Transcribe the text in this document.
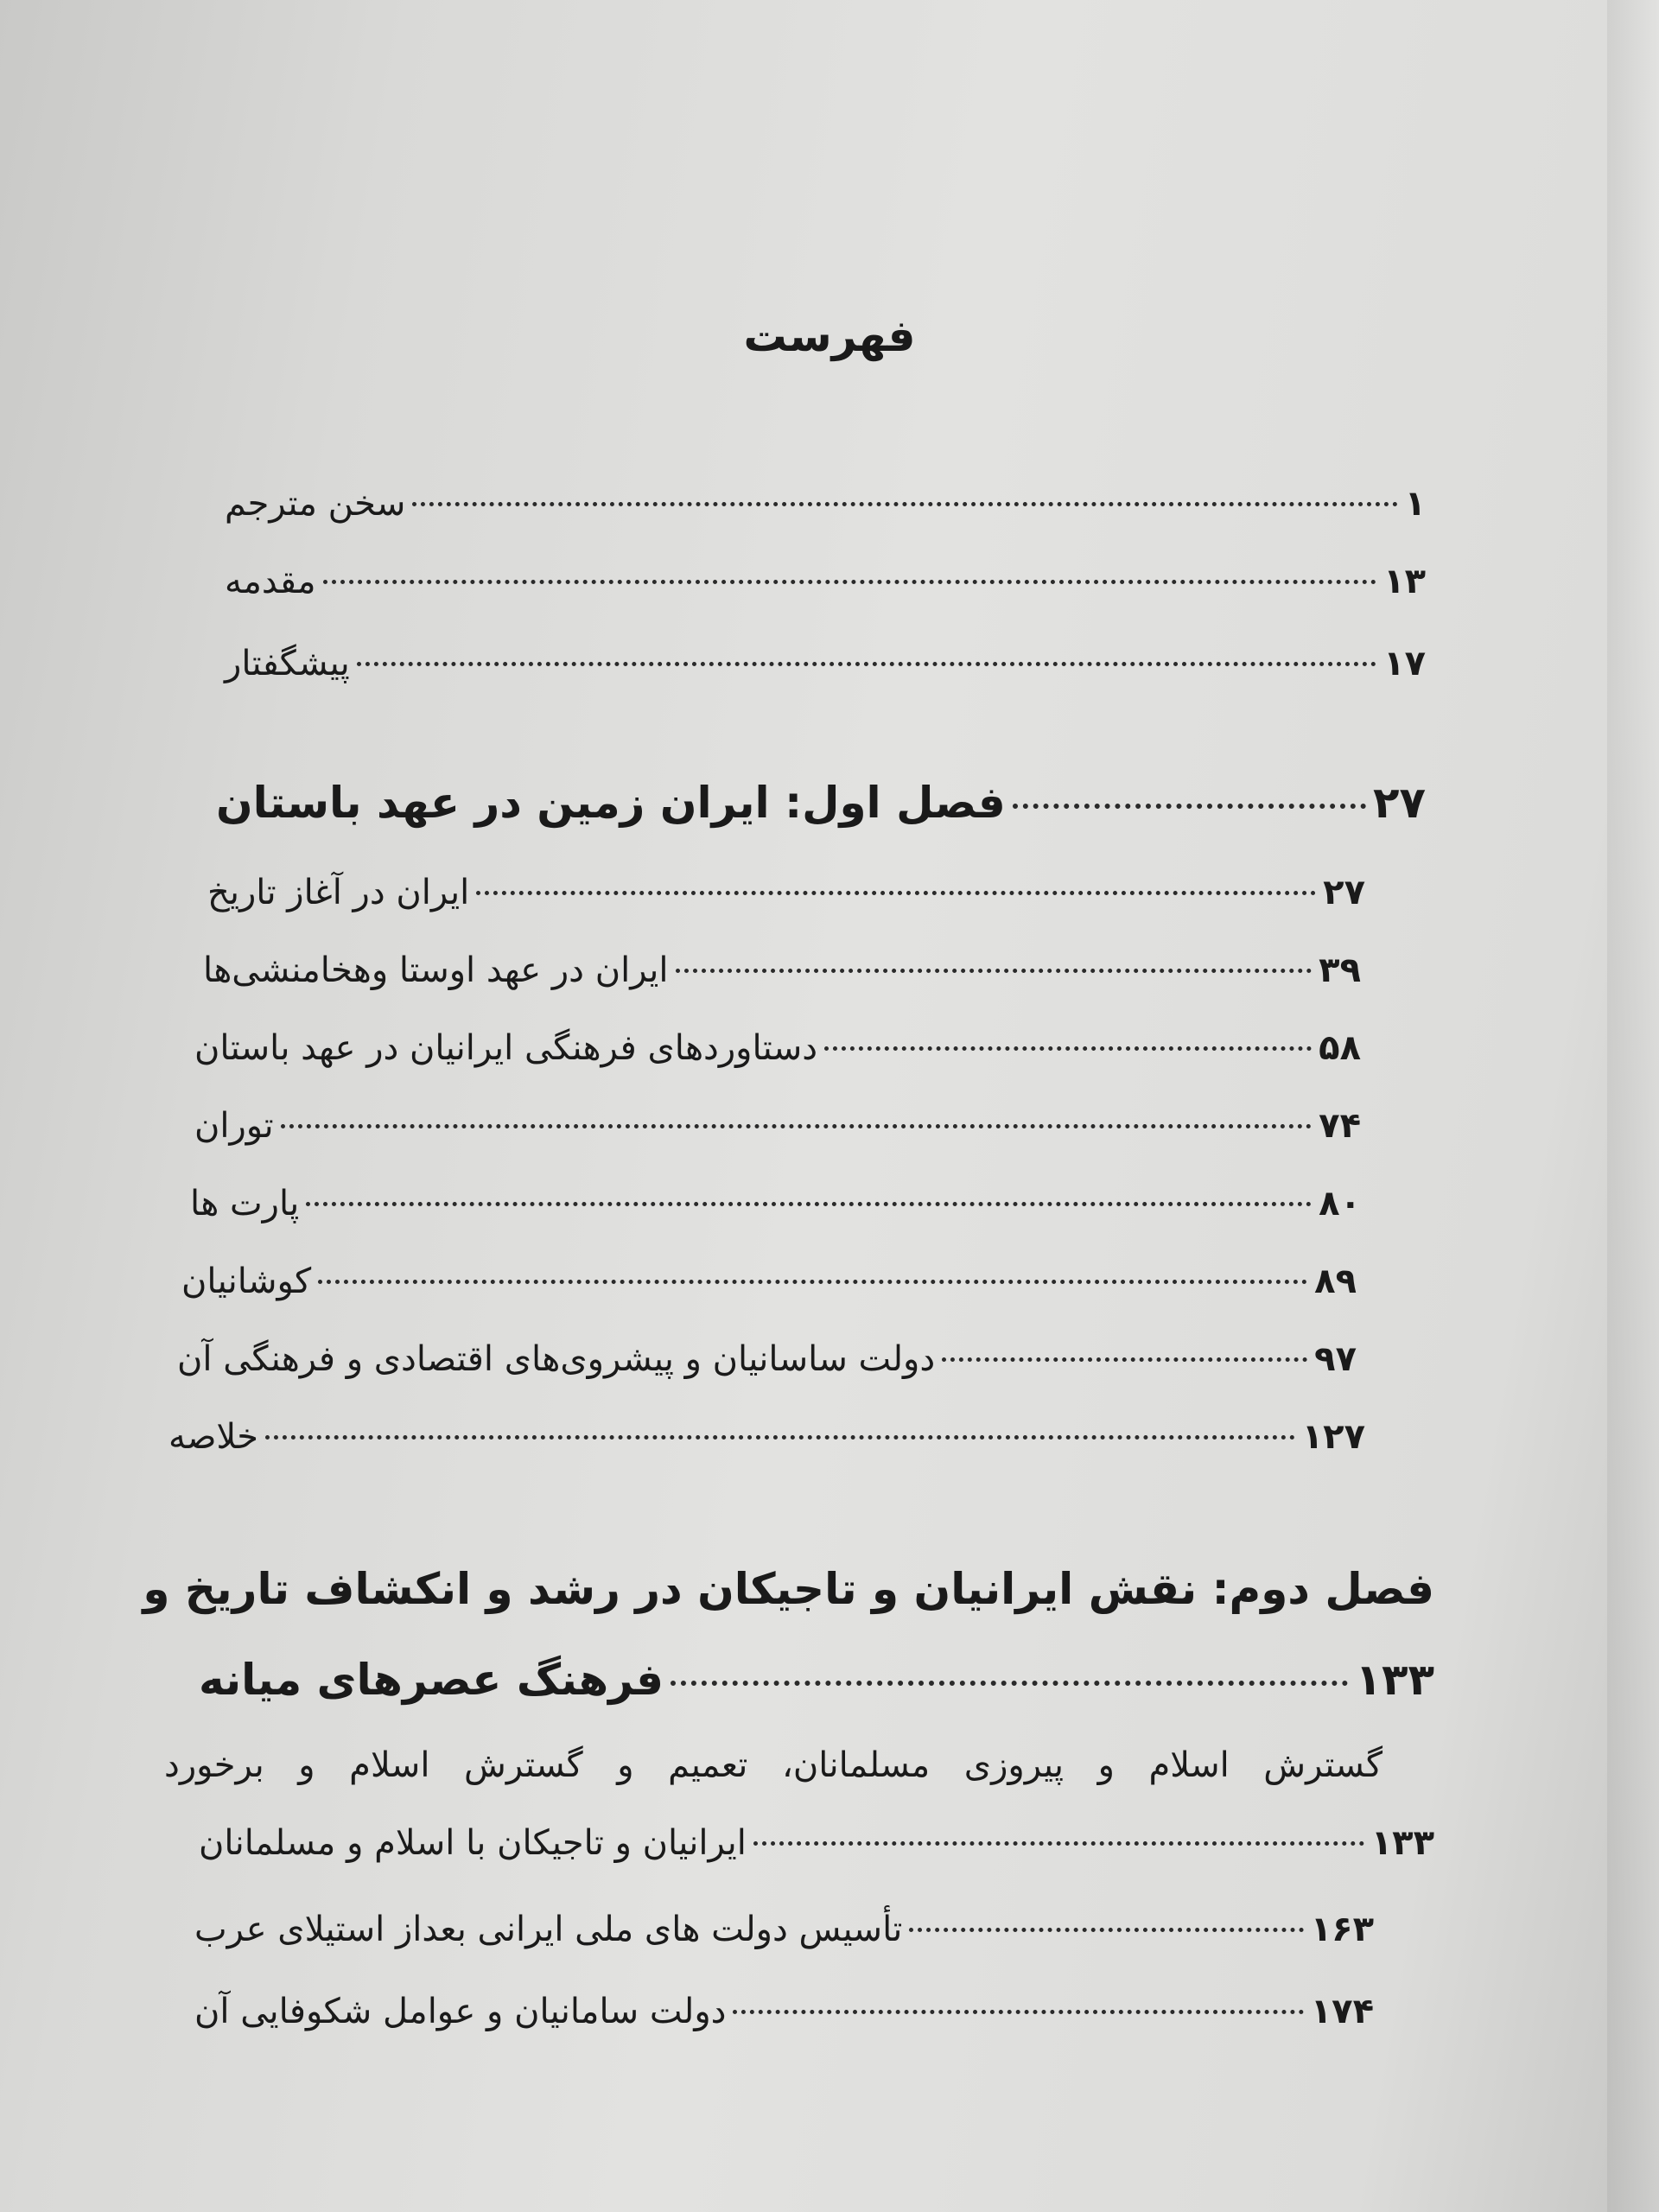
فهرست
سخن مترجم	۱
مقدمه	۱۳
پیشگفتار	۱۷
فصل اول: ایران زمین در عهد باستان	۲۷
ایران در آغاز تاریخ	۲۷
ایران در عهد اوستا وهخامنشی‌ها	۳۹
دستاوردهای فرهنگی ایرانیان در عهد باستان	۵۸
توران	۷۴
پارت ها	۸۰
کوشانیان	۸۹
دولت ساسانیان و پیشروی‌های اقتصادی و فرهنگی آن	۹۷
خلاصه	۱۲۷
فصل دوم: نقش ایرانیان و تاجیکان در رشد و انکشاف تاریخ و
فرهنگ عصرهای میانه	۱۳۳
گسترش اسلام و پیروزی مسلمانان، تعمیم و گسترش اسلام و برخورد
ایرانیان و تاجیکان با اسلام و مسلمانان	۱۳۳
تأسیس دولت های ملی ایرانی بعداز استیلای عرب	۱۶۳
دولت سامانیان و عوامل شکوفایی آن	۱۷۴
